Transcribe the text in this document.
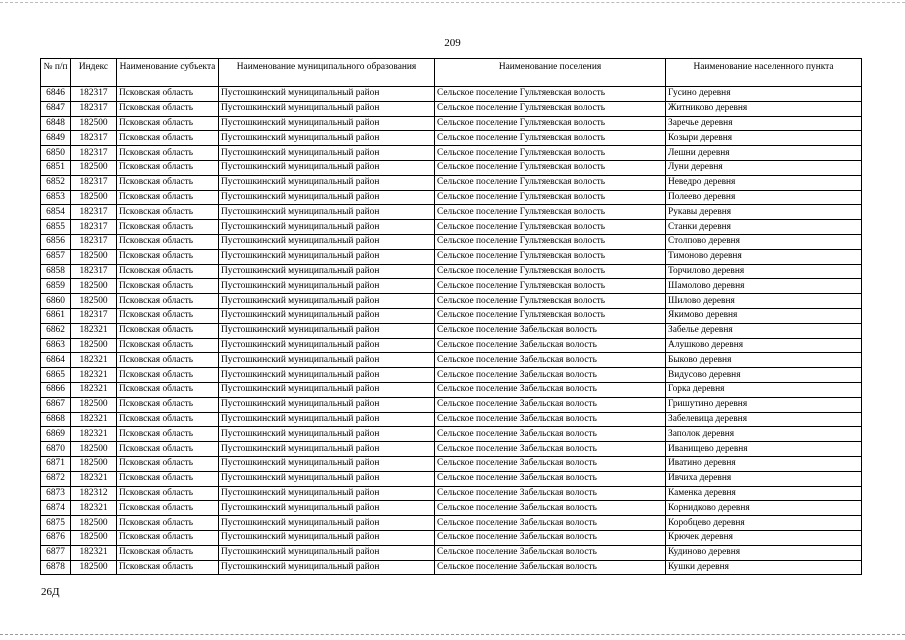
209
№ п/п	Индекс	Наименование субъекта	Наименование муниципального образования	Наименование поселения	Наименование населенного пункта
6846	182317	Псковская область	Пустошкинский муниципальный район	Сельское поселение Гультяевская волость	Гусино деревня
6847	182317	Псковская область	Пустошкинский муниципальный район	Сельское поселение Гультяевская волость	Житниково деревня
6848	182500	Псковская область	Пустошкинский муниципальный район	Сельское поселение Гультяевская волость	Заречье деревня
6849	182317	Псковская область	Пустошкинский муниципальный район	Сельское поселение Гультяевская волость	Козыри деревня
6850	182317	Псковская область	Пустошкинский муниципальный район	Сельское поселение Гультяевская волость	Лешни деревня
6851	182500	Псковская область	Пустошкинский муниципальный район	Сельское поселение Гультяевская волость	Луни деревня
6852	182317	Псковская область	Пустошкинский муниципальный район	Сельское поселение Гультяевская волость	Неведро деревня
6853	182500	Псковская область	Пустошкинский муниципальный район	Сельское поселение Гультяевская волость	Полеево деревня
6854	182317	Псковская область	Пустошкинский муниципальный район	Сельское поселение Гультяевская волость	Рукавы деревня
6855	182317	Псковская область	Пустошкинский муниципальный район	Сельское поселение Гультяевская волость	Станки деревня
6856	182317	Псковская область	Пустошкинский муниципальный район	Сельское поселение Гультяевская волость	Столпово деревня
6857	182500	Псковская область	Пустошкинский муниципальный район	Сельское поселение Гультяевская волость	Тимоново деревня
6858	182317	Псковская область	Пустошкинский муниципальный район	Сельское поселение Гультяевская волость	Торчилово деревня
6859	182500	Псковская область	Пустошкинский муниципальный район	Сельское поселение Гультяевская волость	Шамолово деревня
6860	182500	Псковская область	Пустошкинский муниципальный район	Сельское поселение Гультяевская волость	Шилово деревня
6861	182317	Псковская область	Пустошкинский муниципальный район	Сельское поселение Гультяевская волость	Якимово деревня
6862	182321	Псковская область	Пустошкинский муниципальный район	Сельское поселение Забельская волость	Забелье деревня
6863	182500	Псковская область	Пустошкинский муниципальный район	Сельское поселение Забельская волость	Алушково деревня
6864	182321	Псковская область	Пустошкинский муниципальный район	Сельское поселение Забельская волость	Быково деревня
6865	182321	Псковская область	Пустошкинский муниципальный район	Сельское поселение Забельская волость	Видусово деревня
6866	182321	Псковская область	Пустошкинский муниципальный район	Сельское поселение Забельская волость	Горка деревня
6867	182500	Псковская область	Пустошкинский муниципальный район	Сельское поселение Забельская волость	Гришутино деревня
6868	182321	Псковская область	Пустошкинский муниципальный район	Сельское поселение Забельская волость	Забелевица деревня
6869	182321	Псковская область	Пустошкинский муниципальный район	Сельское поселение Забельская волость	Заполок деревня
6870	182500	Псковская область	Пустошкинский муниципальный район	Сельское поселение Забельская волость	Иванищево деревня
6871	182500	Псковская область	Пустошкинский муниципальный район	Сельское поселение Забельская волость	Иватино деревня
6872	182321	Псковская область	Пустошкинский муниципальный район	Сельское поселение Забельская волость	Ивчиха деревня
6873	182312	Псковская область	Пустошкинский муниципальный район	Сельское поселение Забельская волость	Каменка деревня
6874	182321	Псковская область	Пустошкинский муниципальный район	Сельское поселение Забельская волость	Корнидково деревня
6875	182500	Псковская область	Пустошкинский муниципальный район	Сельское поселение Забельская волость	Коробцево деревня
6876	182500	Псковская область	Пустошкинский муниципальный район	Сельское поселение Забельская волость	Крючек деревня
6877	182321	Псковская область	Пустошкинский муниципальный район	Сельское поселение Забельская волость	Кудиново деревня
6878	182500	Псковская область	Пустошкинский муниципальный район	Сельское поселение Забельская волость	Кушки деревня
26Д
